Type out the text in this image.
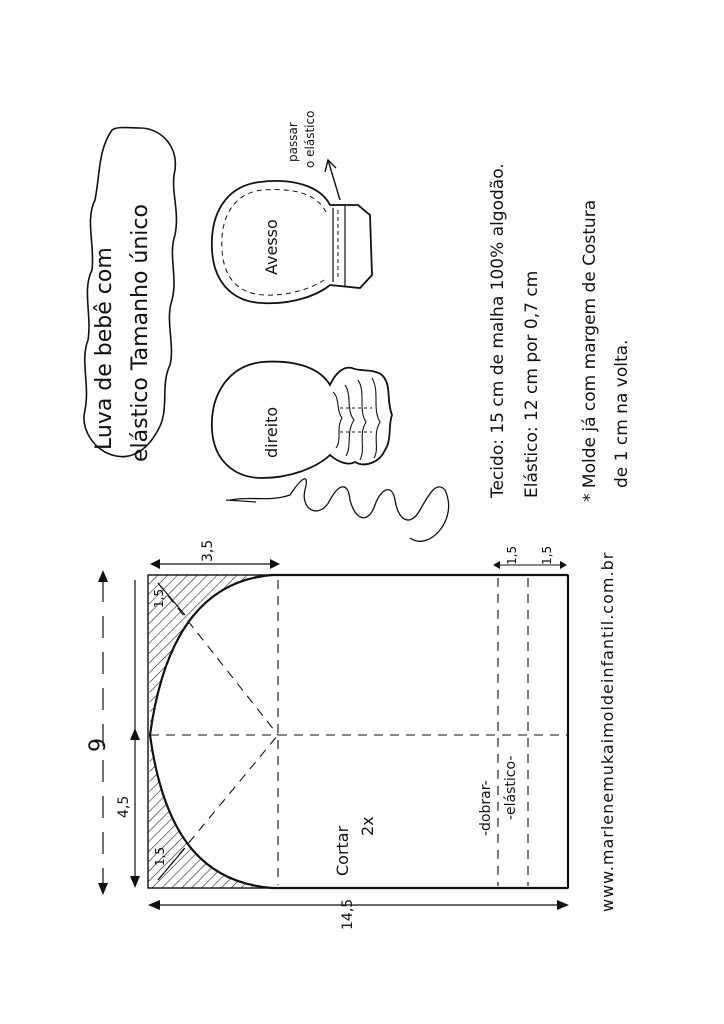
Luva de bebê com elástico Tamanho único	Avesso
direito
passar o elástico
Tecido: 15 cm de malha 100% algodão. Elástico: 12 cm por 0,7 cm * Molde já com margem de Costura de 1 cm na volta.
www.marlenemukaimoldeinfantil.com.br
Cortar 2x	-dobrar- -elástico-
9
3,5
1,5
4,5
1,5
14,5
1,5 1,5
